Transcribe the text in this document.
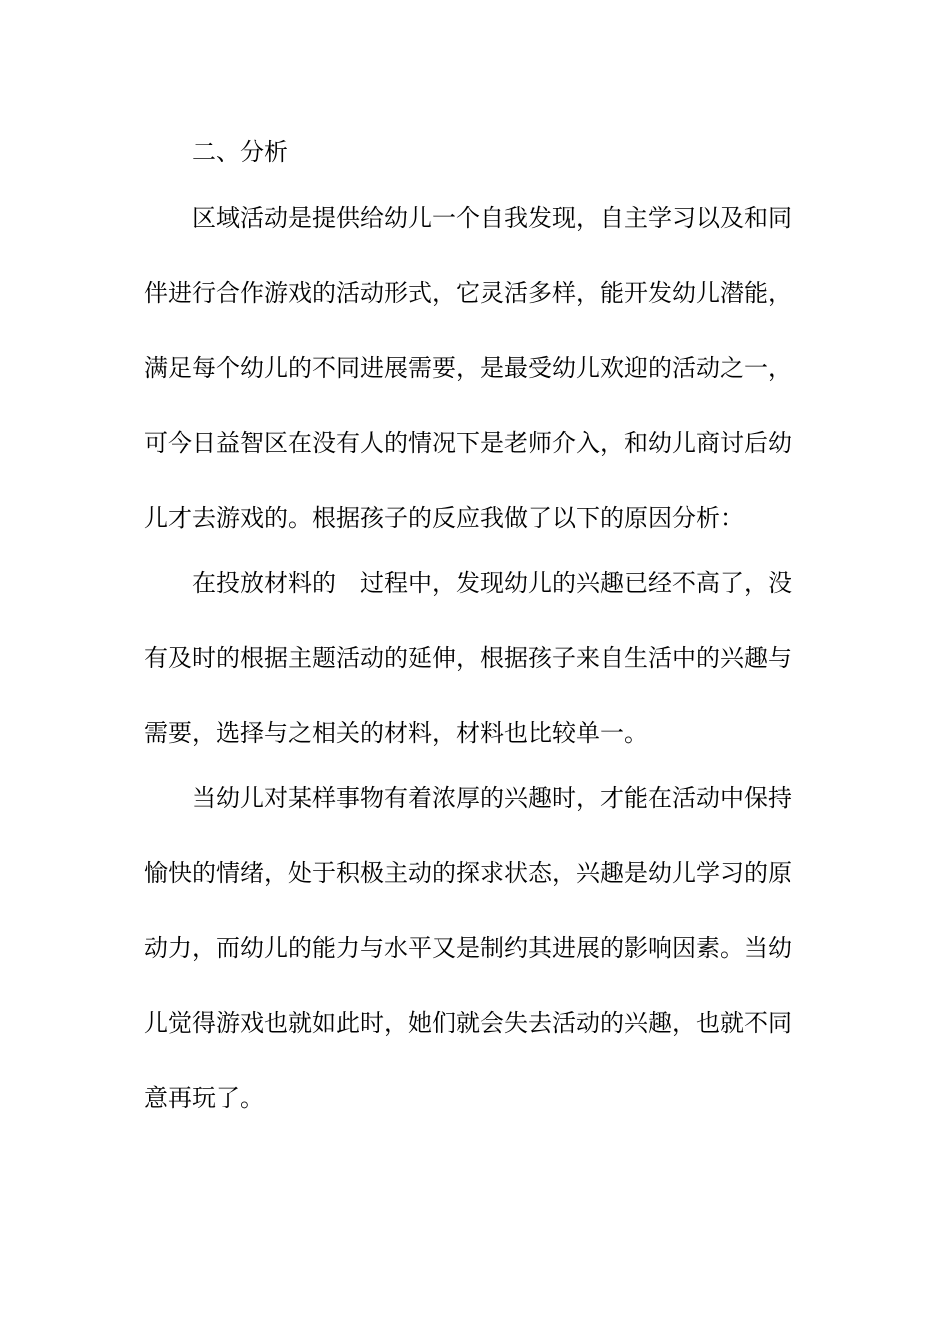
二、分析
区域活动是提供给幼儿一个自我发现，自主学习以及和同
伴进行合作游戏的活动形式，它灵活多样，能开发幼儿潜能，
满足每个幼儿的不同进展需要，是最受幼儿欢迎的活动之一，
可今日益智区在没有人的情况下是老师介入，和幼儿商讨后幼
儿才去游戏的。根据孩子的反应我做了以下的原因分析：
在投放材料的　过程中，发现幼儿的兴趣已经不高了，没
有及时的根据主题活动的延伸，根据孩子来自生活中的兴趣与
需要，选择与之相关的材料，材料也比较单一。
当幼儿对某样事物有着浓厚的兴趣时，才能在活动中保持
愉快的情绪，处于积极主动的探求状态，兴趣是幼儿学习的原
动力，而幼儿的能力与水平又是制约其进展的影响因素。当幼
儿觉得游戏也就如此时，她们就会失去活动的兴趣，也就不同
意再玩了。
